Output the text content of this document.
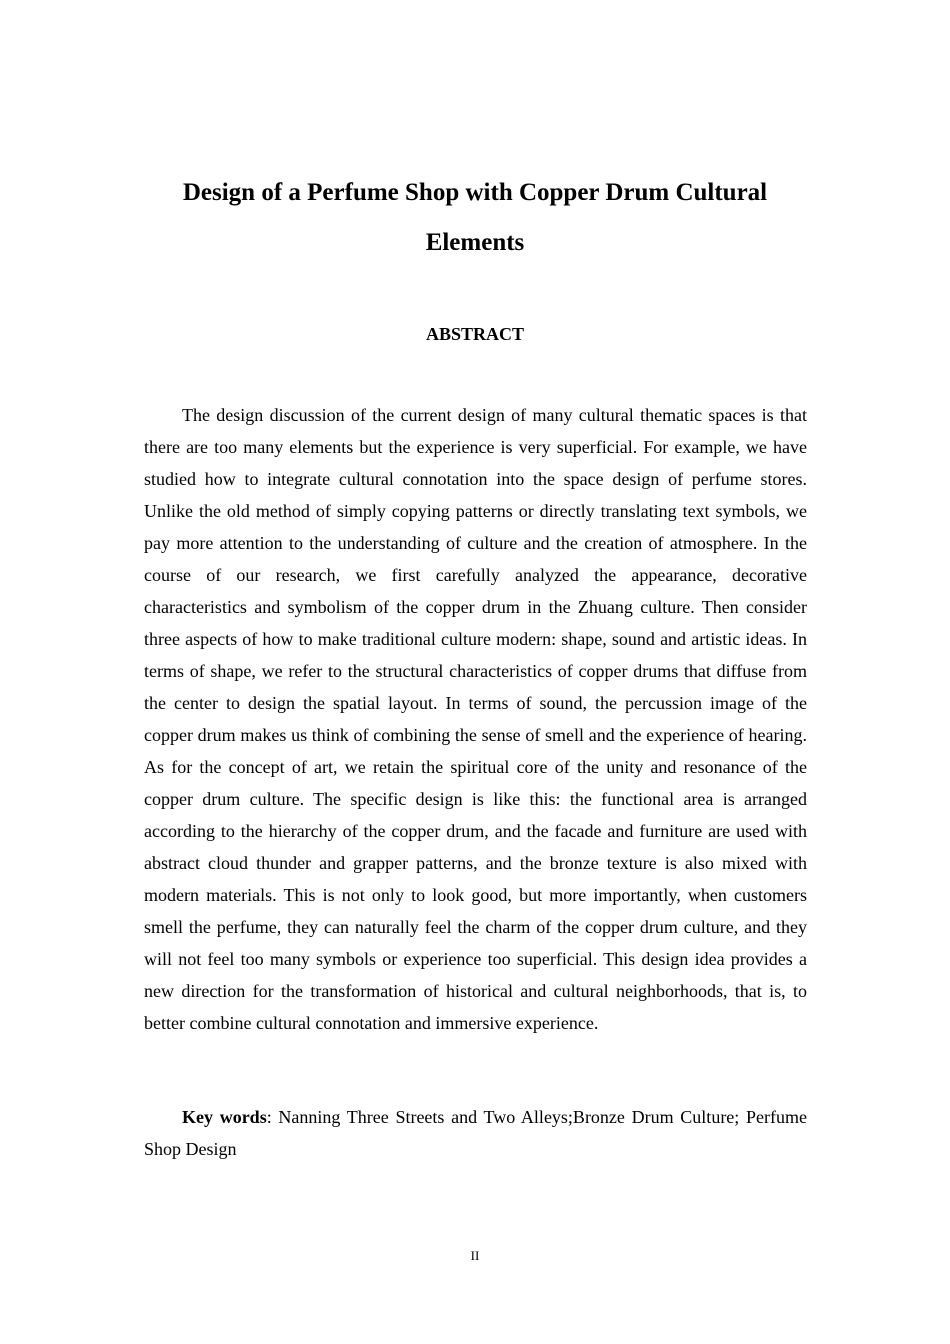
Design of a Perfume Shop with Copper Drum Cultural Elements
ABSTRACT

The design discussion of the current design of many cultural thematic spaces is that there are too many elements but the experience is very superficial. For example, we have studied how to integrate cultural connotation into the space design of perfume stores. Unlike the old method of simply copying patterns or directly translating text symbols, we pay more attention to the understanding of culture and the creation of atmosphere. In the course of our research, we first carefully analyzed the appearance, decorative characteristics and symbolism of the copper drum in the Zhuang culture. Then consider three aspects of how to make traditional culture modern: shape, sound and artistic ideas. In terms of shape, we refer to the structural characteristics of copper drums that diffuse from the center to design the spatial layout. In terms of sound, the percussion image of the copper drum makes us think of combining the sense of smell and the experience of hearing. As for the concept of art, we retain the spiritual core of the unity and resonance of the copper drum culture. The specific design is like this: the functional area is arranged according to the hierarchy of the copper drum, and the facade and furniture are used with abstract cloud thunder and grapper patterns, and the bronze texture is also mixed with modern materials. This is not only to look good, but more importantly, when customers smell the perfume, they can naturally feel the charm of the copper drum culture, and they will not feel too many symbols or experience too superficial. This design idea provides a new direction for the transformation of historical and cultural neighborhoods, that is, to better combine cultural connotation and immersive experience.

Key words: Nanning Three Streets and Two Alleys;Bronze Drum Culture; Perfume Shop Design

II
